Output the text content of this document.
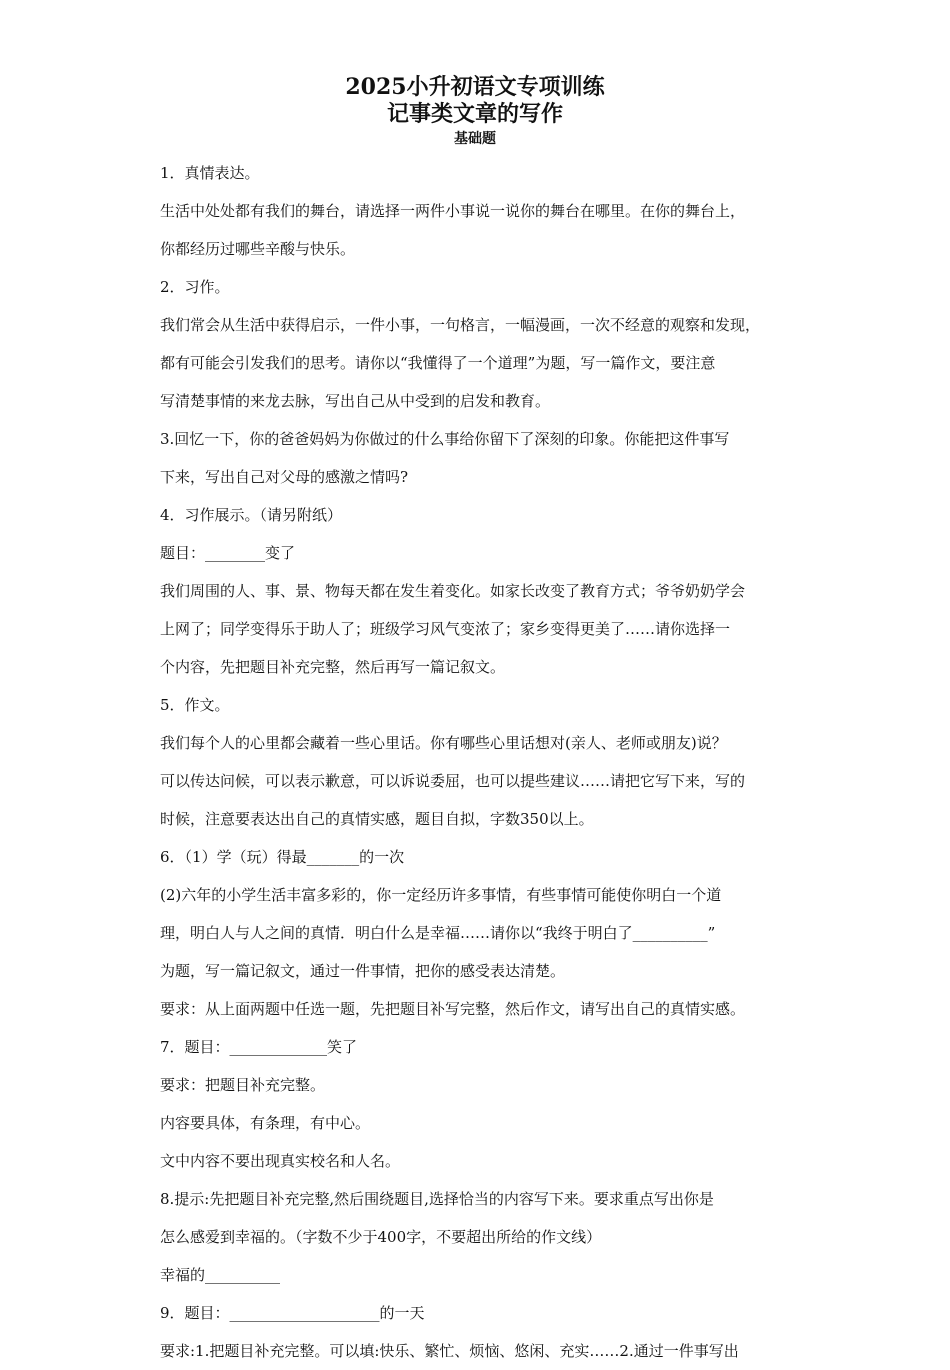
2025小升初语文专项训练
记事类文章的写作
基础题

1．真情表达。

生活中处处都有我们的舞台，请选择一两件小事说一说你的舞台在哪里。在你的舞台上，

你都经历过哪些辛酸与快乐。

2．习作。

我们常会从生活中获得启示，一件小事，一句格言，一幅漫画，一次不经意的观察和发现，

都有可能会引发我们的思考。请你以“我懂得了一个道理”为题，写一篇作文，要注意

写清楚事情的来龙去脉，写出自己从中受到的启发和教育。

3.回忆一下，你的爸爸妈妈为你做过的什么事给你留下了深刻的印象。你能把这件事写

下来，写出自己对父母的感激之情吗?

4．习作展示。（请另附纸）

题目：________变了

我们周围的人、事、景、物每天都在发生着变化。如家长改变了教育方式；爷爷奶奶学会

上网了；同学变得乐于助人了；班级学习风气变浓了；家乡变得更美了……请你选择一

个内容，先把题目补充完整，然后再写一篇记叙文。

5．作文。

我们每个人的心里都会藏着一些心里话。你有哪些心里话想对(亲人、老师或朋友)说？

可以传达问候，可以表示歉意，可以诉说委屈，也可以提些建议……请把它写下来，写的

时候，注意要表达出自己的真情实感，题目自拟，字数350以上。

6．（1）学（玩）得最_______的一次

(2)六年的小学生活丰富多彩的，你一定经历许多事情，有些事情可能使你明白一个道

理，明白人与人之间的真情．明白什么是幸福……请你以“我终于明白了__________”

为题，写一篇记叙文，通过一件事情，把你的感受表达清楚。

要求：从上面两题中任选一题，先把题目补写完整，然后作文，请写出自己的真情实感。

7．题目：_____________笑了

要求：把题目补充完整。

内容要具体，有条理，有中心。

文中内容不要出现真实校名和人名。

8.提示:先把题目补充完整,然后围绕题目,选择恰当的内容写下来。要求重点写出你是

怎么感爱到幸福的。（字数不少于400字，不要超出所给的作文线）

幸福的__________

9．题目：____________________的一天

要求:1.把题目补充完整。可以填:快乐、繁忙、烦恼、悠闲、充实……2.通过一件事写出
